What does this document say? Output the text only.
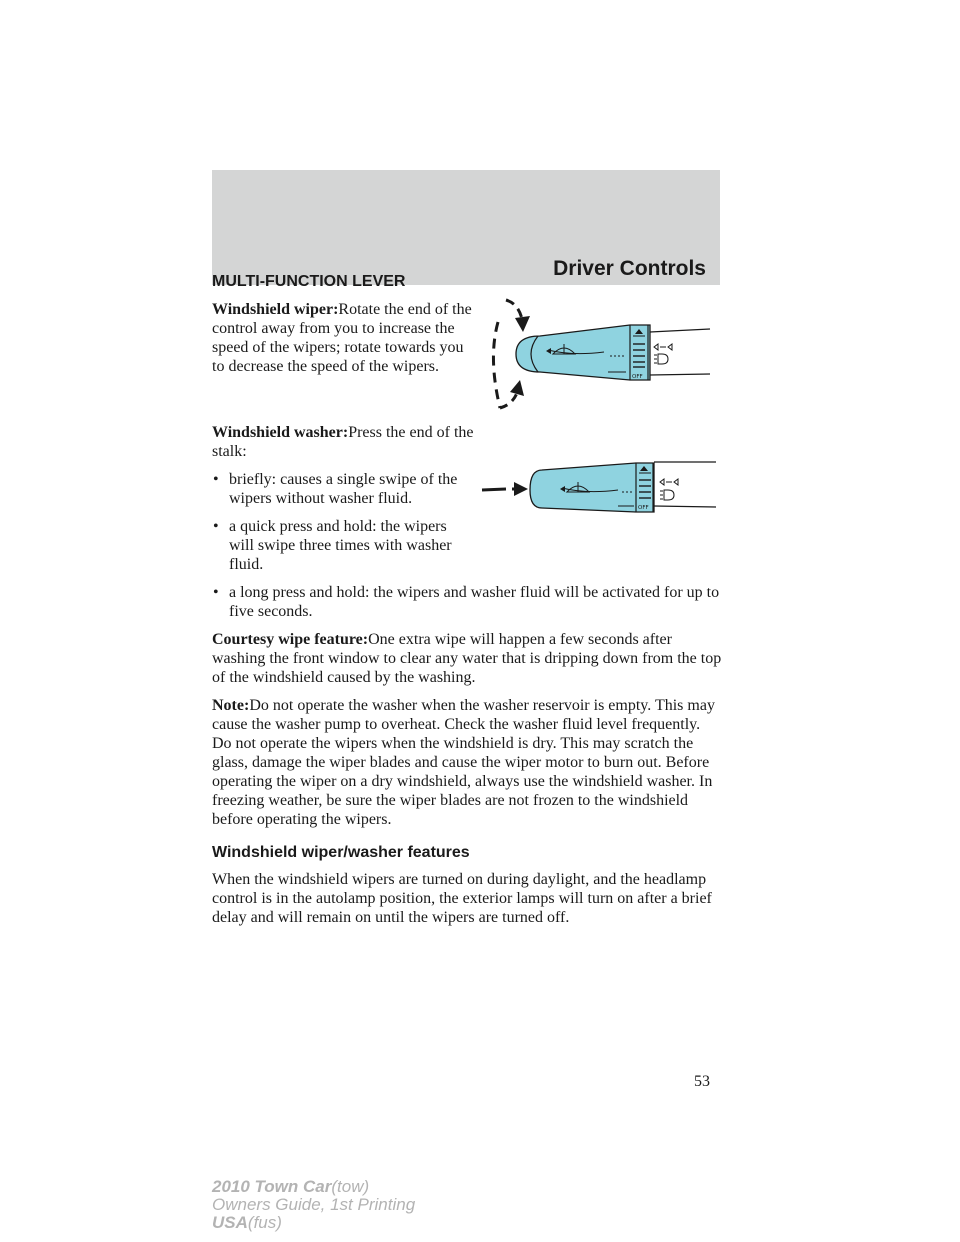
Driver Controls
MULTI-FUNCTION LEVER

Windshield wiper:Rotate the end of the control away from you to increase the speed of the wipers; rotate towards you to decrease the speed of the wipers.

Windshield washer:Press the end of the stalk:

• briefly: causes a single swipe of the wipers without washer fluid.
• a quick press and hold: the wipers will swipe three times with washer fluid.
• a long press and hold: the wipers and washer fluid will be activated for up to five seconds.

Courtesy wipe feature:One extra wipe will happen a few seconds after washing the front window to clear any water that is dripping down from the top of the windshield caused by the washing.

Note:Do not operate the washer when the washer reservoir is empty. This may cause the washer pump to overheat. Check the washer fluid level frequently. Do not operate the wipers when the windshield is dry. This may scratch the glass, damage the wiper blades and cause the wiper motor to burn out. Before operating the wiper on a dry windshield, always use the windshield washer. In freezing weather, be sure the wiper blades are not frozen to the windshield before operating the wipers.

Windshield wiper/washer features

When the windshield wipers are turned on during daylight, and the headlamp control is in the autolamp position, the exterior lamps will turn on after a brief delay and will remain on until the wipers are turned off.

OFF
OFF
53
2010 Town Car(tow)
Owners Guide, 1st Printing
USA(fus)
